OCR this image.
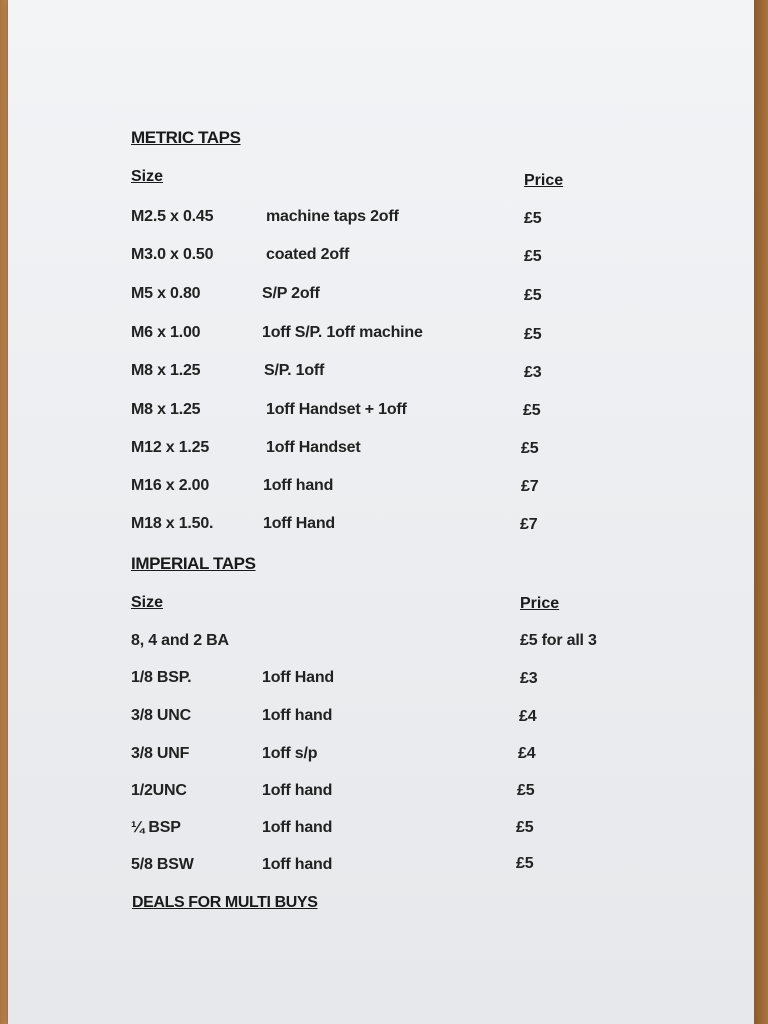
METRIC TAPS
Size	Price
M2.5 x 0.45	machine taps 2off	£5
M3.0 x 0.50	coated 2off	£5
M5 x 0.80	S/P 2off	£5
M6 x 1.00	1off S/P. 1off machine	£5
M8 x 1.25	S/P. 1off	£3
M8 x 1.25	1off Handset + 1off	£5
M12 x 1.25	1off Handset	£5
M16 x 2.00	1off hand	£7
M18 x 1.50.	1off Hand	£7
IMPERIAL TAPS
Size	Price
8, 4 and 2 BA	£5 for all 3
1/8 BSP.	1off Hand	£3
3/8 UNC	1off hand	£4
3/8 UNF	1off s/p	£4
1/2UNC	1off hand	£5
¼ BSP	1off hand	£5
5/8 BSW	1off hand	£5
DEALS FOR MULTI BUYS
